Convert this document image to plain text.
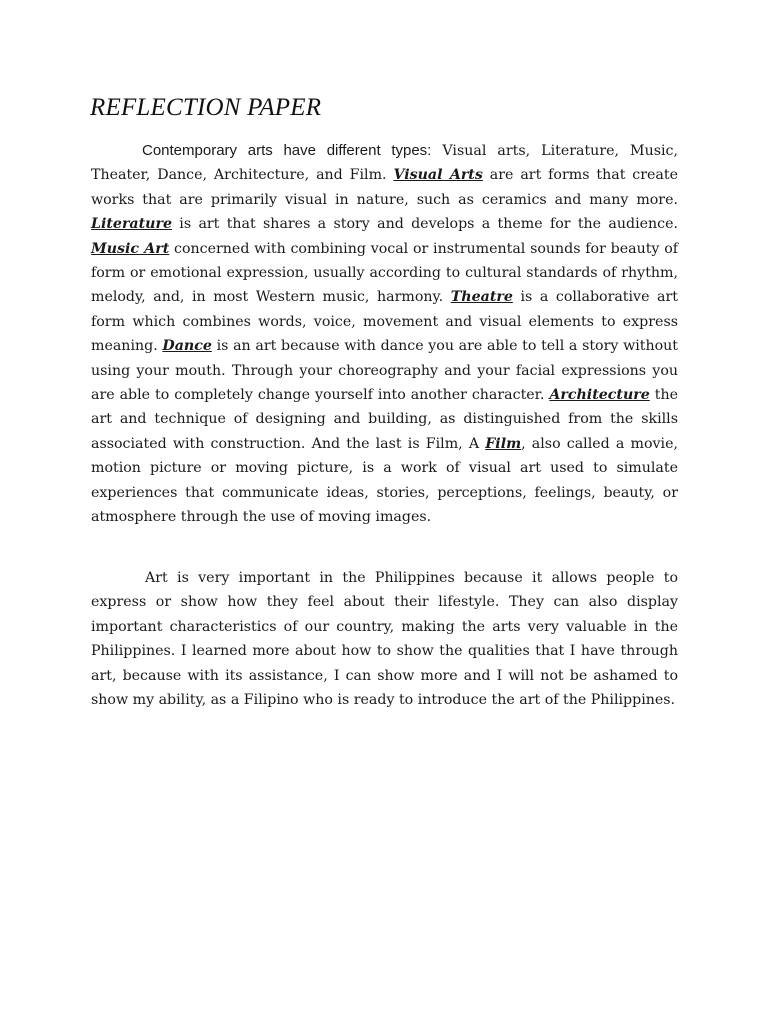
REFLECTION PAPER

Contemporary arts have different types: Visual arts, Literature, Music, Theater, Dance, Architecture, and Film. Visual Arts are art forms that create works that are primarily visual in nature, such as ceramics and many more. Literature is art that shares a story and develops a theme for the audience. Music Art concerned with combining vocal or instrumental sounds for beauty of form or emotional expression, usually according to cultural standards of rhythm, melody, and, in most Western music, harmony. Theatre is a collaborative art form which combines words, voice, movement and visual elements to express meaning. Dance is an art because with dance you are able to tell a story without using your mouth. Through your choreography and your facial expressions you are able to completely change yourself into another character. Architecture the art and technique of designing and building, as distinguished from the skills associated with construction. And the last is Film, A Film, also called a movie, motion picture or moving picture, is a work of visual art used to simulate experiences that communicate ideas, stories, perceptions, feelings, beauty, or atmosphere through the use of moving images.

Art is very important in the Philippines because it allows people to express or show how they feel about their lifestyle. They can also display important characteristics of our country, making the arts very valuable in the Philippines. I learned more about how to show the qualities that I have through art, because with its assistance, I can show more and I will not be ashamed to show my ability, as a Filipino who is ready to introduce the art of the Philippines.
